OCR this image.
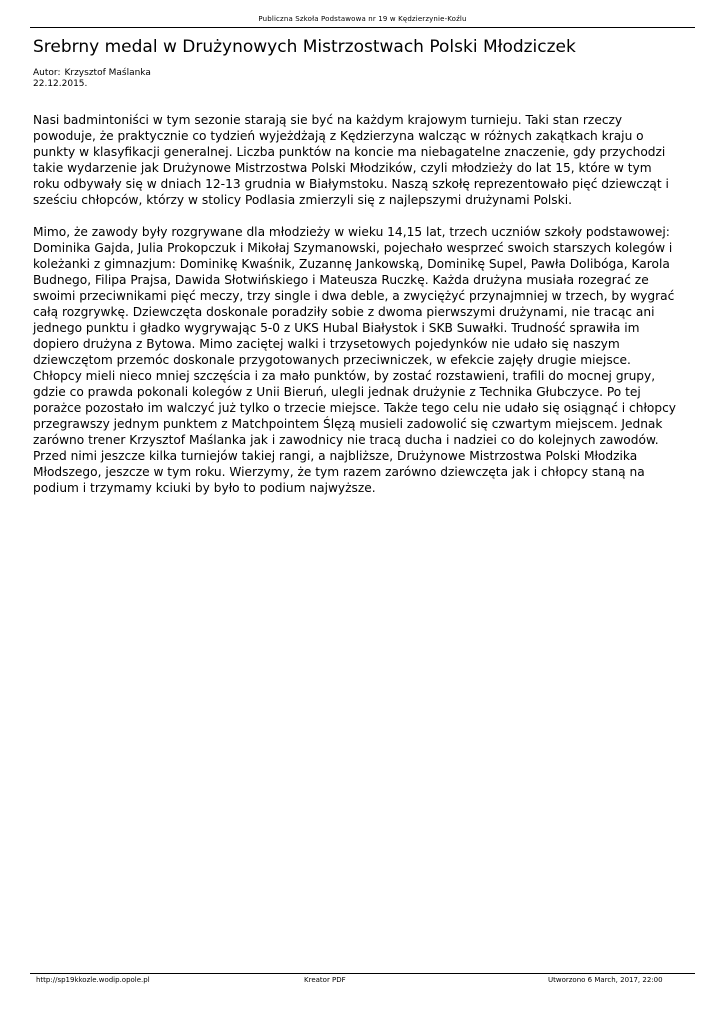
Publiczna Szkoła Podstawowa nr 19 w Kędzierzynie-Koźlu
Srebrny medal w Drużynowych Mistrzostwach Polski Młodziczek
Autor: Krzysztof Maślanka
22.12.2015.

Nasi badmintoniści w tym sezonie starają sie być na każdym krajowym turnieju. Taki stan rzeczy
powoduje, że praktycznie co tydzień wyjeżdżają z Kędzierzyna walcząc w różnych zakątkach kraju o
punkty w klasyfikacji generalnej. Liczba punktów na koncie ma niebagatelne znaczenie, gdy przychodzi
takie wydarzenie jak Drużynowe Mistrzostwa Polski Młodzików, czyli młodzieży do lat 15, które w tym
roku odbywały się w dniach 12-13 grudnia w Białymstoku. Naszą szkołę reprezentowało pięć dziewcząt i
sześciu chłopców, którzy w stolicy Podlasia zmierzyli się z najlepszymi drużynami Polski.

Mimo, że zawody były rozgrywane dla młodzieży w wieku 14,15 lat, trzech uczniów szkoły podstawowej:
Dominika Gajda, Julia Prokopczuk i Mikołaj Szymanowski, pojechało wesprzeć swoich starszych kolegów i
koleżanki z gimnazjum: Dominikę Kwaśnik, Zuzannę Jankowską, Dominikę Supel, Pawła Dolibóga, Karola
Budnego, Filipa Prajsa, Dawida Słotwińskiego i Mateusza Ruczkę. Każda drużyna musiała rozegrać ze
swoimi przeciwnikami pięć meczy, trzy single i dwa deble, a zwyciężyć przynajmniej w trzech, by wygrać
całą rozgrywkę. Dziewczęta doskonale poradziły sobie z dwoma pierwszymi drużynami, nie tracąc ani
jednego punktu i gładko wygrywając 5-0 z UKS Hubal Białystok i SKB Suwałki. Trudność sprawiła im
dopiero drużyna z Bytowa. Mimo zaciętej walki i trzysetowych pojedynków nie udało się naszym
dziewczętom przemóc doskonale przygotowanych przeciwniczek, w efekcie zajęły drugie miejsce.
Chłopcy mieli nieco mniej szczęścia i za mało punktów, by zostać rozstawieni, trafili do mocnej grupy,
gdzie co prawda pokonali kolegów z Unii Bieruń, ulegli jednak drużynie z Technika Głubczyce. Po tej
porażce pozostało im walczyć już tylko o trzecie miejsce. Także tego celu nie udało się osiągnąć i chłopcy
przegrawszy jednym punktem z Matchpointem Ślęzą musieli zadowolić się czwartym miejscem. Jednak
zarówno trener Krzysztof Maślanka jak i zawodnicy nie tracą ducha i nadziei co do kolejnych zawodów.
Przed nimi jeszcze kilka turniejów takiej rangi, a najbliższe, Drużynowe Mistrzostwa Polski Młodzika
Młodszego, jeszcze w tym roku. Wierzymy, że tym razem zarówno dziewczęta jak i chłopcy staną na
podium i trzymamy kciuki by było to podium najwyższe.

http://sp19kkozle.wodip.opole.pl	Kreator PDF	Utworzono 6 March, 2017, 22:00
